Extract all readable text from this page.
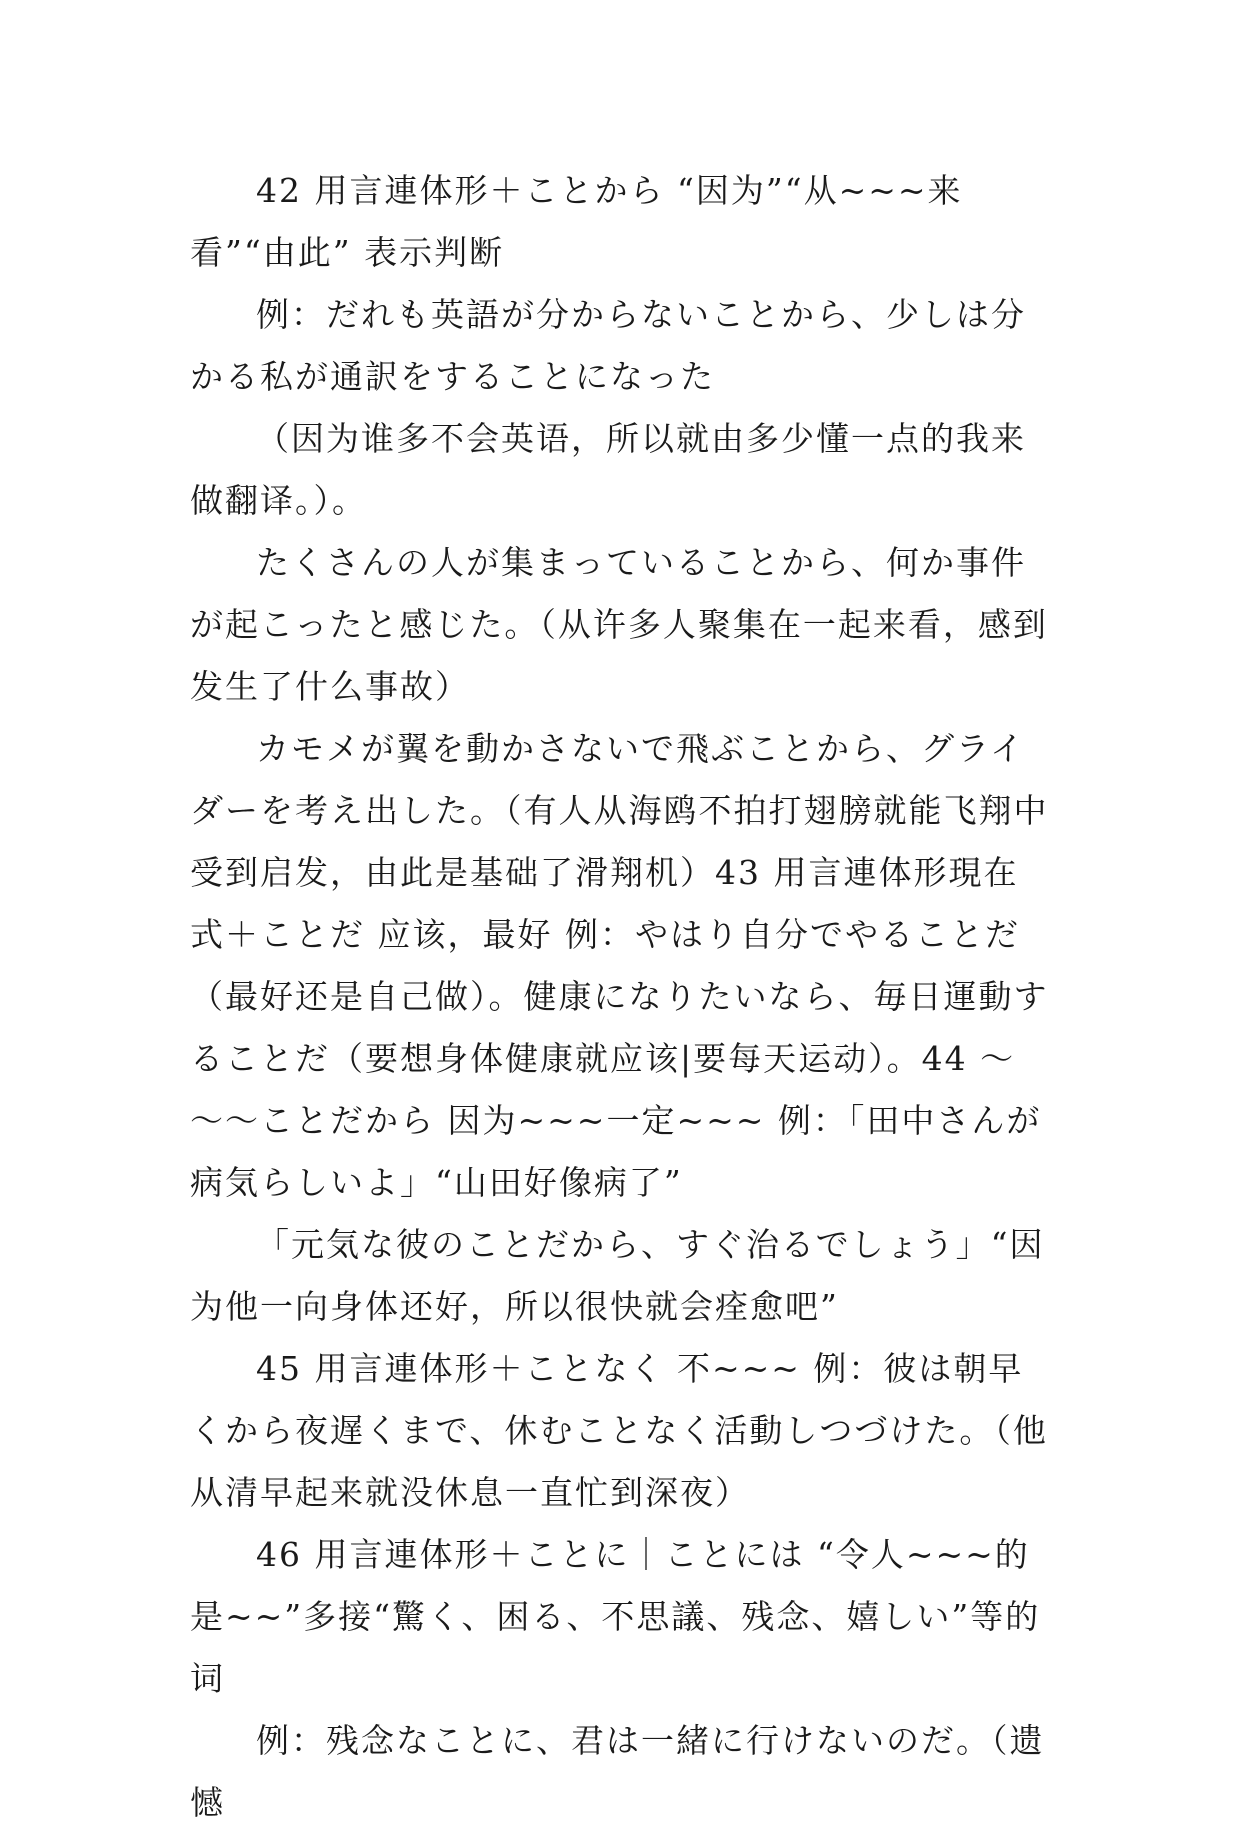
42 用言連体形＋ことから “因为”“从~~~来看”“由此” 表示判断

例：だれも英語が分からないことから、少しは分かる私が通訳をすることになった

（因为谁多不会英语，所以就由多少懂一点的我来做翻译。）。

たくさんの人が集まっていることから、何か事件が起こったと感じた。（从许多人聚集在一起来看，感到发生了什么事故）

カモメが翼を動かさないで飛ぶことから、グライダーを考え出した。（有人从海鸥不拍打翅膀就能飞翔中受到启发，由此是基础了滑翔机）43 用言連体形現在式＋ことだ 应该，最好 例：やはり自分でやることだ（最好还是自己做）。健康になりたいなら、毎日運動することだ（要想身体健康就应该|要每天运动）。44 ～～～ことだから 因为~~~一定~~~ 例：「田中さんが病気らしいよ」“山田好像病了”

「元気な彼のことだから、すぐ治るでしょう」“因为他一向身体还好，所以很快就会痊愈吧”

45 用言連体形＋ことなく 不~~~ 例：彼は朝早くから夜遅くまで、休むことなく活動しつづけた。（他从清早起来就没休息一直忙到深夜）

46 用言連体形＋ことに｜ことには “令人~~~的是~~”多接“驚く、困る、不思議、残念、嬉しい”等的词

例：残念なことに、君は一緒に行けないのだ。（遗憾
